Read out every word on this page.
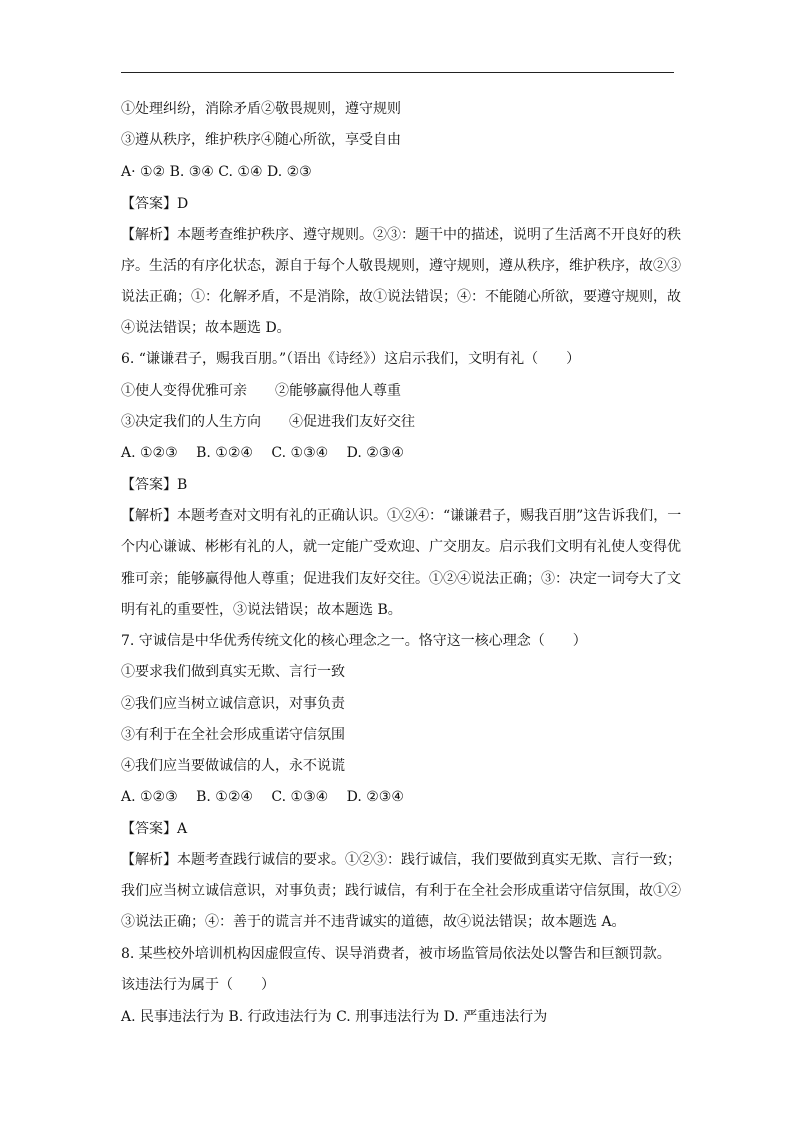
①处理纠纷，消除矛盾②敬畏规则，遵守规则
③遵从秩序，维护秩序④随心所欲，享受自由
A· ①② B. ③④ C. ①④ D. ②③
【答案】D
【解析】本题考查维护秩序、遵守规则。②③：题干中的描述，说明了生活离不开良好的秩
序。生活的有序化状态，源自于每个人敬畏规则，遵守规则，遵从秩序，维护秩序，故②③
说法正确；①：化解矛盾，不是消除，故①说法错误；④：不能随心所欲，要遵守规则，故
④说法错误；故本题选 D。
6. “谦谦君子，赐我百朋。”（语出《诗经》）这启示我们，文明有礼（　　）
①使人变得优雅可亲　　②能够赢得他人尊重
③决定我们的人生方向　　④促进我们友好交往
A. ①②③　 B. ①②④　 C. ①③④　 D. ②③④
【答案】B
【解析】本题考查对文明有礼的正确认识。①②④：“谦谦君子，赐我百朋”这告诉我们，一
个内心谦诚、彬彬有礼的人，就一定能广受欢迎、广交朋友。启示我们文明有礼使人变得优
雅可亲；能够赢得他人尊重；促进我们友好交往。①②④说法正确；③：决定一词夸大了文
明有礼的重要性，③说法错误；故本题选 B。
7. 守诚信是中华优秀传统文化的核心理念之一。恪守这一核心理念（　　）
①要求我们做到真实无欺、言行一致
②我们应当树立诚信意识，对事负责
③有利于在全社会形成重诺守信氛围
④我们应当要做诚信的人，永不说谎
A. ①②③　 B. ①②④　 C. ①③④　 D. ②③④
【答案】A
【解析】本题考查践行诚信的要求。①②③：践行诚信，我们要做到真实无欺、言行一致；
我们应当树立诚信意识，对事负责；践行诚信，有利于在全社会形成重诺守信氛围，故①②
③说法正确；④：善于的谎言并不违背诚实的道德，故④说法错误；故本题选 A。
8. 某些校外培训机构因虚假宣传、误导消费者，被市场监管局依法处以警告和巨额罚款。
该违法行为属于（　　）
A. 民事违法行为 B. 行政违法行为 C. 刑事违法行为 D. 严重违法行为
